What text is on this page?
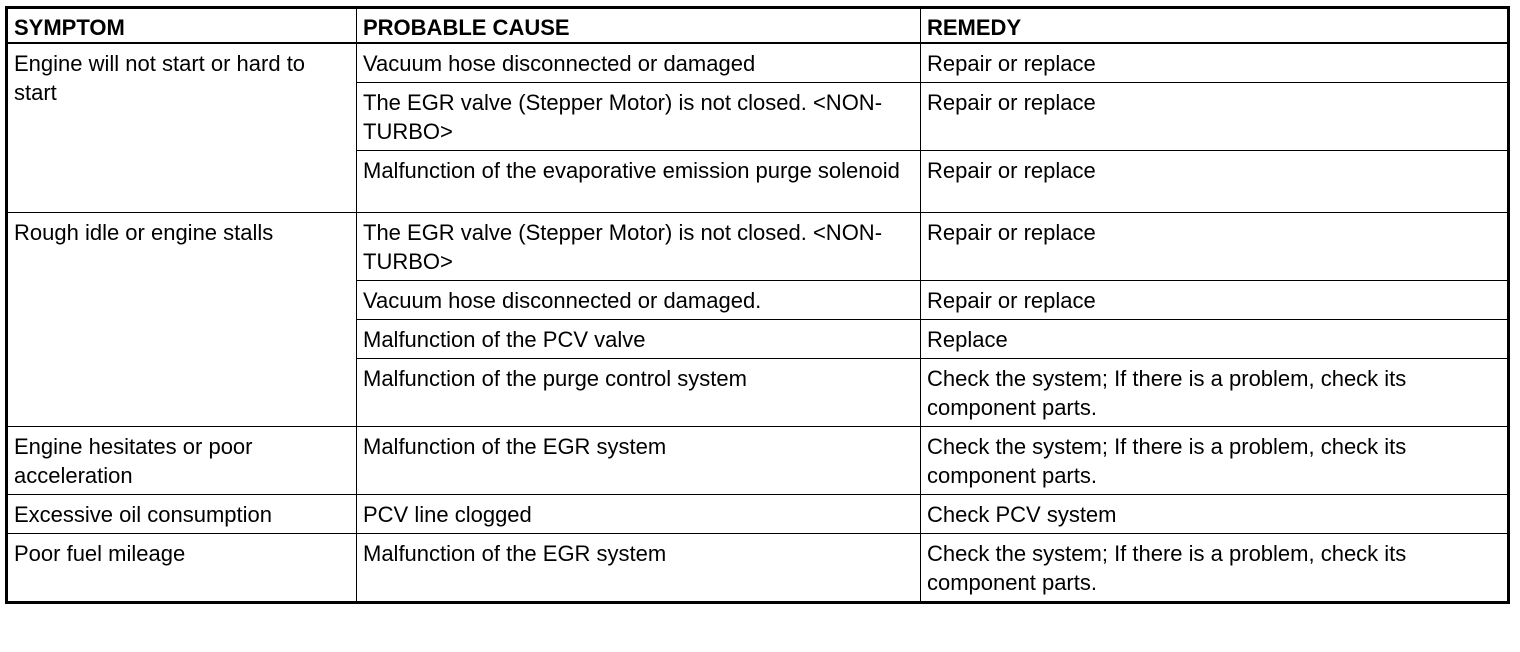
SYMPTOM	PROBABLE CAUSE	REMEDY
Engine will not start or hard to start	Vacuum hose disconnected or damaged	Repair or replace
	The EGR valve (Stepper Motor) is not closed. <NON-TURBO>	Repair or replace
	Malfunction of the evaporative emission purge solenoid	Repair or replace
Rough idle or engine stalls	The EGR valve (Stepper Motor) is not closed. <NON-TURBO>	Repair or replace
	Vacuum hose disconnected or damaged.	Repair or replace
	Malfunction of the PCV valve	Replace
	Malfunction of the purge control system	Check the system; If there is a problem, check its component parts.
Engine hesitates or poor acceleration	Malfunction of the EGR system	Check the system; If there is a problem, check its component parts.
Excessive oil consumption	PCV line clogged	Check PCV system
Poor fuel mileage	Malfunction of the EGR system	Check the system; If there is a problem, check its component parts.
